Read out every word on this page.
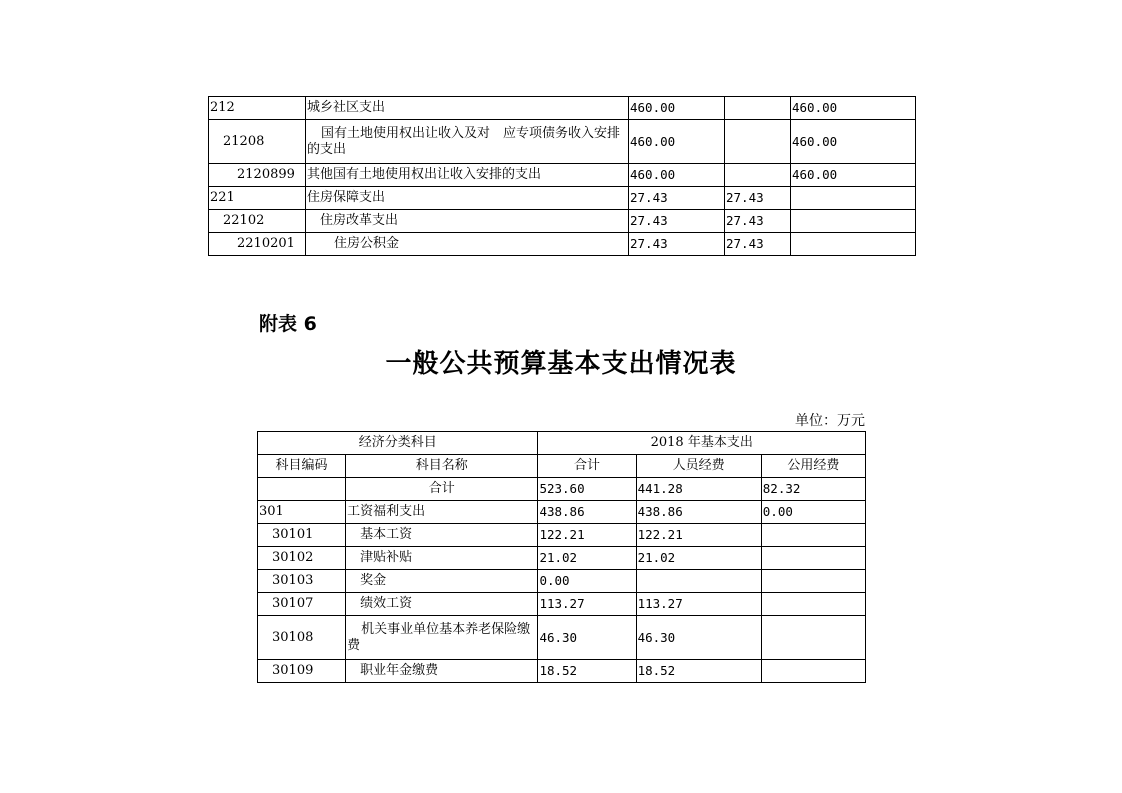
212	城乡社区支出	460.00		460.00
21208	国有土地使用权出让收入及对　应专项债务收入安排的支出	460.00		460.00
2120899	其他国有土地使用权出让收入安排的支出	460.00		460.00
221	住房保障支出	27.43	27.43	
22102	住房改革支出	27.43	27.43	
2210201	住房公积金	27.43	27.43	
附表 6
一般公共预算基本支出情况表
单位：万元
经济分类科目		2018 年基本支出		
科目编码	科目名称	合计	人员经费	公用经费
	合计	523.60	441.28	82.32
301	工资福利支出	438.86	438.86	0.00
30101	基本工资	122.21	122.21	
30102	津贴补贴	21.02	21.02	
30103	奖金	0.00		
30107	绩效工资	113.27	113.27	
30108	机关事业单位基本养老保险缴费	46.30	46.30	
30109	职业年金缴费	18.52	18.52	
